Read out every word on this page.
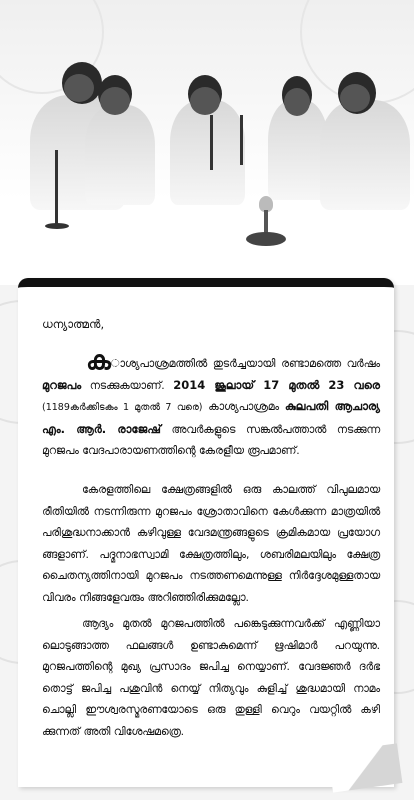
ധന്യാത്മൻ,
കാശ്യപാശ്രമത്തിൽ തുടർച്ചയായി രണ്ടാമത്തെ വർഷം മുറജപം നടക്കുകയാണ്. 2014 ജൂലായ് 17 മുതൽ 23 വരെ (1189കർക്കിടകം 1 മുതൽ 7 വരെ) കാശ്യപാശ്രമം കുലപതി ആചാര്യ എം. ആർ. രാജേഷ് അവർകളുടെ സങ്കൽപത്താൽ നടക്കുന്ന മുറജപം വേദപാരായണത്തിന്റെ കേരളീയ രൂപമാണ്.
കേരളത്തിലെ ക്ഷേത്രങ്ങളിൽ ഒരു കാലത്ത് വിപുലമായ രീതിയിൽ നടന്നിരുന്ന മുറജപം ശ്രോതാവിനെ കേൾക്കുന്ന മാത്രയിൽ പരിശുദ്ധനാക്കാൻ കഴിവുള്ള വേദമന്ത്രങ്ങളുടെ ക്രമികമായ പ്രയോഗ ങ്ങളാണ്. പദ്മനാഭസ്വാമി ക്ഷേത്രത്തിലും, ശബരിമലയിലും ക്ഷേത്ര ചൈതന്യത്തിനായി മുറജപം നടത്തണമെന്നുള്ള നിർദ്ദേശമുള്ളതായ വിവരം നിങ്ങളേവരും അറിഞ്ഞിരിക്കുമല്ലോ.
ആദ്യം മുതൽ മുറജപത്തിൽ പങ്കെടുക്കുന്നവർക്ക് എണ്ണിയാ ലൊടുങ്ങാത്ത ഫലങ്ങൾ ഉണ്ടാകുമെന്ന് ഋഷിമാർ പറയുന്നു. മുറജപത്തിന്റെ മുഖ്യ പ്രസാദം ജപിച്ച നെയ്യാണ്. വേദജ്ഞർ ദർഭ തൊട്ട് ജപിച്ച പശുവിൻ നെയ്യ് നിത്യവും കുളിച്ച് ശുദ്ധമായി നാമം ചൊല്ലി ഈശ്വരസ്മരണയോടെ ഒരു തുള്ളി വെറും വയറ്റിൽ കഴി ക്കുന്നത് അതി വിശേഷമത്രെ.
